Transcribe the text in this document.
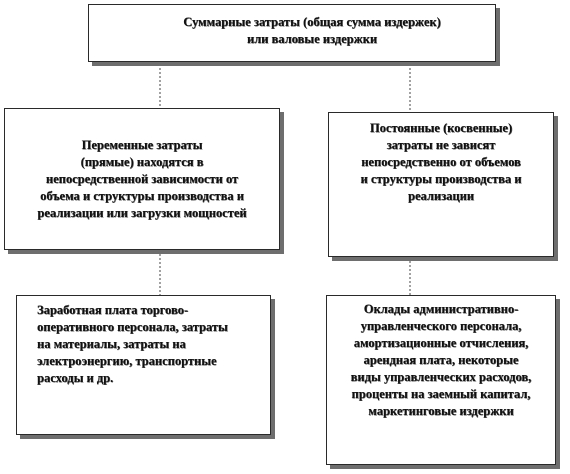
Суммарные затраты (общая сумма издержек)
или валовые издержки
Переменные затраты
(прямые) находятся в
непосредственной зависимости от
объема и структуры производства и
реализации или загрузки мощностей
Постоянные (косвенные)
затраты не зависят
непосредственно от объемов
и структуры производства и
реализации
Заработная плата торгово-
оперативного персонала, затраты
на материалы, затраты на
электроэнергию, транспортные
расходы и др.
Оклады административно-
управленческого персонала,
амортизационные отчисления,
арендная плата, некоторые
виды управленческих расходов,
проценты на заемный капитал,
маркетинговые издержки
